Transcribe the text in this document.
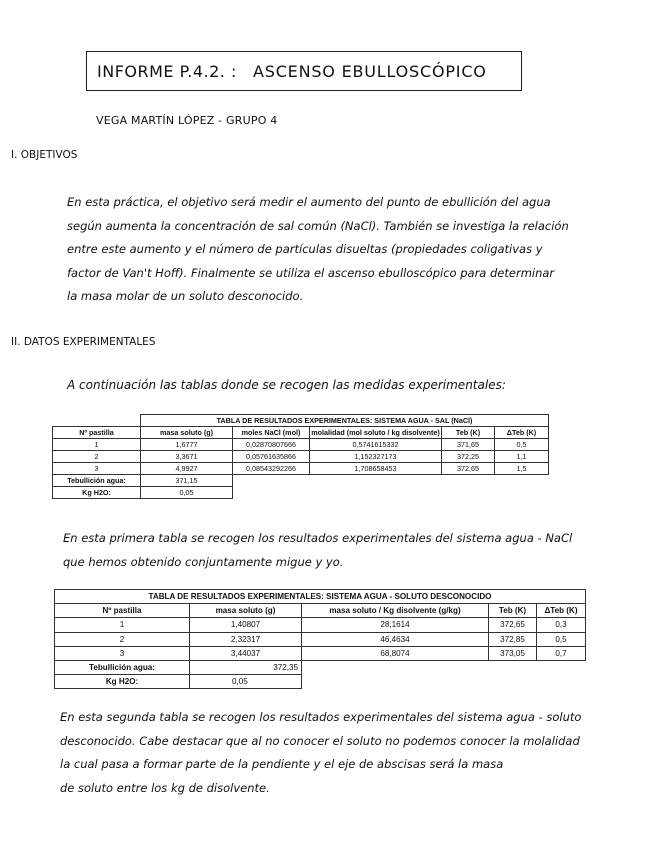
INFORME P.4.2. : ASCENSO EBULLOSCÓPICO
VEGA MARTÍN LÓPEZ - GRUPO 4
I. OBJETIVOS
En esta práctica, el objetivo será medir el aumento del punto de ebullición del agua
según aumenta la concentración de sal común (NaCl). También se investiga la relación
entre este aumento y el número de partículas disueltas (propiedades coligativas y
factor de Van't Hoff). Finalmente se utiliza el ascenso ebulloscópico para determinar
la masa molar de un soluto desconocido.
II. DATOS EXPERIMENTALES
A continuación las tablas donde se recogen las medidas experimentales:
	TABLA DE RESULTADOS EXPERIMENTALES: SISTEMA AGUA - SAL (NaCl)				
Nº pastilla	masa soluto (g)	moles NaCl (mol)	molalidad (mol soluto / kg disolvente)	Teb (K)	ΔTeb (K)
1	1,6777	0,02870807666	0,5741615332	371,65	0,5
2	3,3671	0,05761635866	1,152327173	372,25	1,1
3	4,9927	0,08543292266	1,708658453	372,65	1,5
Tebullición agua:	371,15				
Kg H2O:	0,05				
En esta primera tabla se recogen los resultados experimentales del sistema agua - NaCl
que hemos obtenido conjuntamente migue y yo.
TABLA DE RESULTADOS EXPERIMENTALES: SISTEMA AGUA - SOLUTO DESCONOCIDO				
Nº pastilla	masa soluto (g)	masa soluto / Kg disolvente (g/kg)	Teb (K)	ΔTeb (K)
1	1,40807	28,1614	372,65	0,3
2	2,32317	46,4634	372,85	0,5
3	3,44037	68,8074	373,05	0,7
Tebullición agua:	372,35			
Kg H2O:	0,05			
En esta segunda tabla se recogen los resultados experimentales del sistema agua - soluto
desconocido. Cabe destacar que al no conocer el soluto no podemos conocer la molalidad
la cual pasa a formar parte de la pendiente y el eje de abscisas será la masa
de soluto entre los kg de disolvente.
